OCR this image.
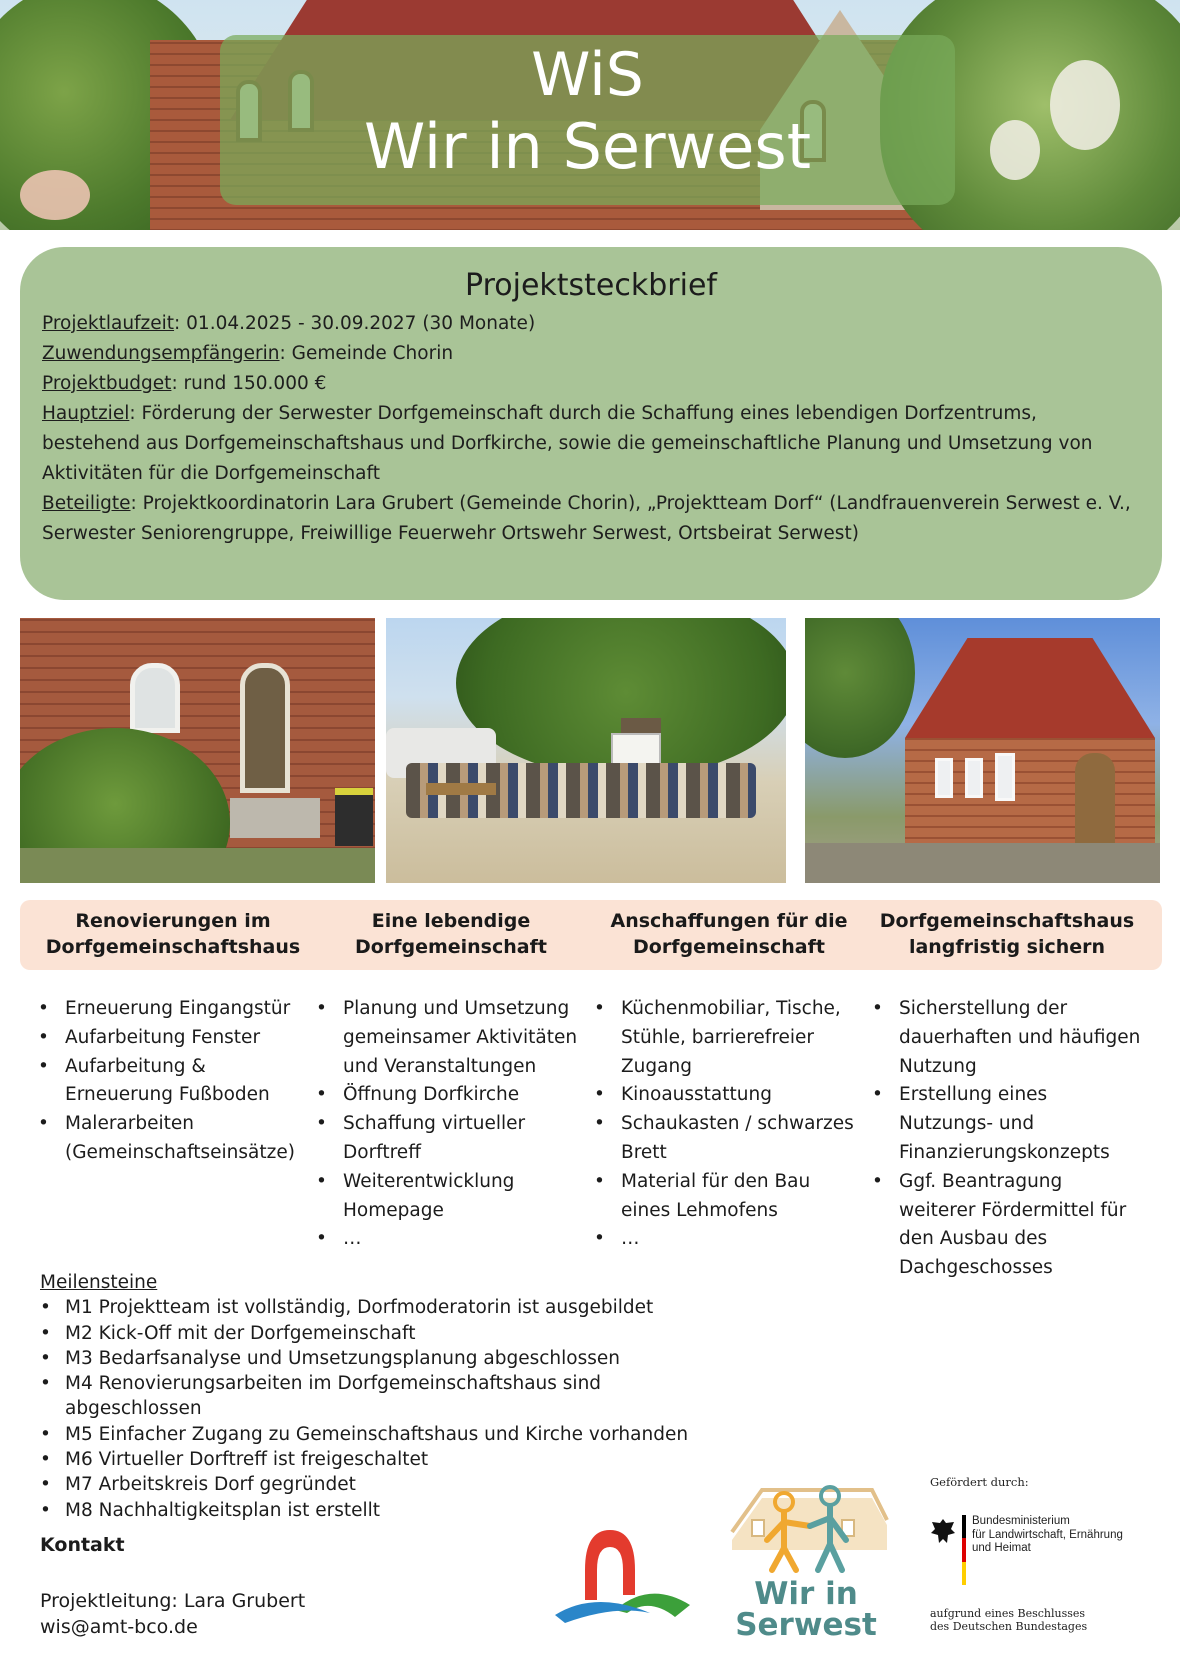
WiS
Wir in Serwest
Projektsteckbrief

Projektlaufzeit: 01.04.2025 - 30.09.2027 (30 Monate)

Zuwendungsempfängerin: Gemeinde Chorin

Projektbudget: rund 150.000 €

Hauptziel: Förderung der Serwester Dorfgemeinschaft durch die Schaffung eines lebendigen Dorfzentrums, bestehend aus Dorfgemeinschaftshaus und Dorfkirche, sowie die gemeinschaftliche Planung und Umsetzung von Aktivitäten für die Dorfgemeinschaft

Beteiligte: Projektkoordinatorin Lara Grubert (Gemeinde Chorin), „Projektteam Dorf“ (Landfrauenverein Serwest e. V., Serwester Seniorengruppe, Freiwillige Feuerwehr Ortswehr Serwest, Ortsbeirat Serwest)

Renovierungen im Dorfgemeinschaftshaus
Eine lebendige Dorfgemeinschaft
Anschaffungen für die Dorfgemeinschaft
Dorfgemeinschaftshaus langfristig sichern
• Erneuerung Eingangstür
• Aufarbeitung Fenster
• Aufarbeitung & Erneuerung Fußboden
• Malerarbeiten (Gemeinschaftseinsätze)
• Planung und Umsetzung gemeinsamer Aktivitäten und Veranstaltungen
• Öffnung Dorfkirche
• Schaffung virtueller Dorftreff
• Weiterentwicklung Homepage
• …
• Küchenmobiliar, Tische, Stühle, barrierefreier Zugang
• Kinoausstattung
• Schaukasten / schwarzes Brett
• Material für den Bau eines Lehmofens
• …
• Sicherstellung der dauerhaften und häufigen Nutzung
• Erstellung eines Nutzungs- und Finanzierungskonzepts
• Ggf. Beantragung weiterer Fördermittel für den Ausbau des Dachgeschosses
Meilensteine
• M1 Projektteam ist vollständig, Dorfmoderatorin ist ausgebildet
• M2 Kick-Off mit der Dorfgemeinschaft
• M3 Bedarfsanalyse und Umsetzungsplanung abgeschlossen
• M4 Renovierungsarbeiten im Dorfgemeinschaftshaus sind abgeschlossen
• M5 Einfacher Zugang zu Gemeinschaftshaus und Kirche vorhanden
• M6 Virtueller Dorftreff ist freigeschaltet
• M7 Arbeitskreis Dorf gegründet
• M8 Nachhaltigkeitsplan ist erstellt
Kontakt
Projektleitung: Lara Grubert
wis@amt-bco.de
Wir in
Serwest
Gefördert durch:
Bundesministerium
für Landwirtschaft, Ernährung
und Heimat
aufgrund eines Beschlusses
des Deutschen Bundestages
